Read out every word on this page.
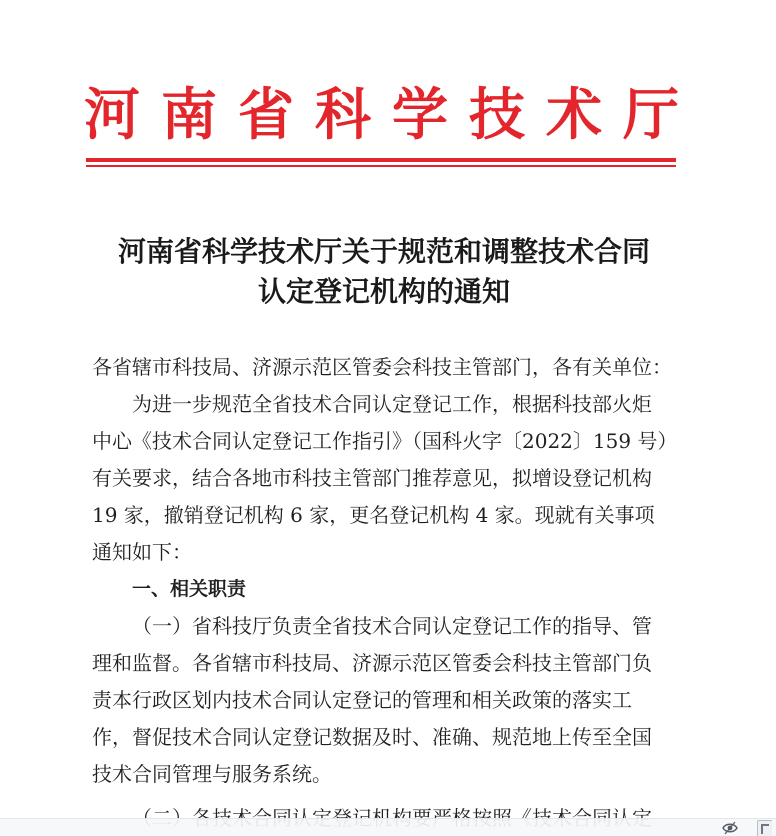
河南省科学技术厅
河南省科学技术厅关于规范和调整技术合同
认定登记机构的通知
各省辖市科技局、济源示范区管委会科技主管部门，各有关单位：
为进一步规范全省技术合同认定登记工作，根据科技部火炬
中心《技术合同认定登记工作指引》（国科火字〔2022〕159 号）
有关要求，结合各地市科技主管部门推荐意见，拟增设登记机构
19 家，撤销登记机构 6 家，更名登记机构 4 家。现就有关事项
通知如下：
一、相关职责
（一）省科技厅负责全省技术合同认定登记工作的指导、管
理和监督。各省辖市科技局、济源示范区管委会科技主管部门负
责本行政区划内技术合同认定登记的管理和相关政策的落实工
作，督促技术合同认定登记数据及时、准确、规范地上传至全国
技术合同管理与服务系统。
